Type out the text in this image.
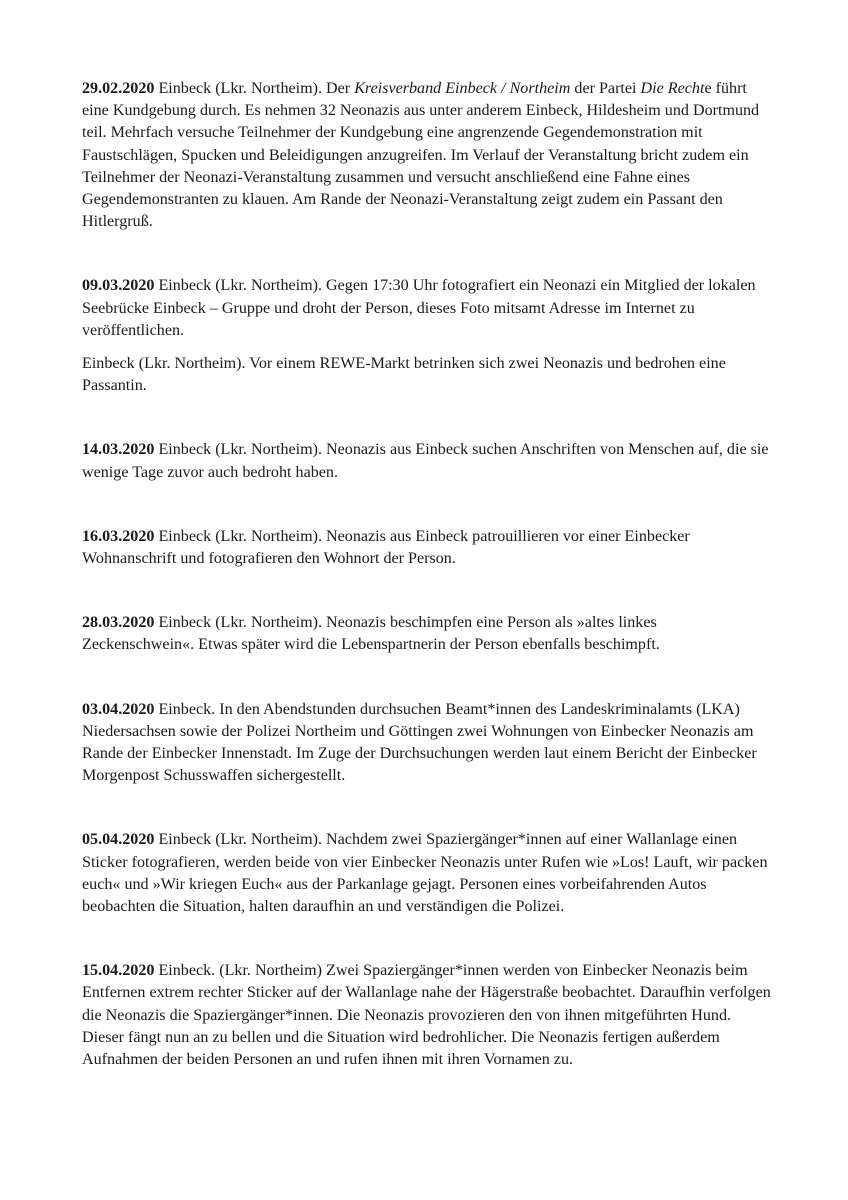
29.02.2020 Einbeck (Lkr. Northeim). Der Kreisverband Einbeck / Northeim der Partei Die Rechte führt eine Kundgebung durch. Es nehmen 32 Neonazis aus unter anderem Einbeck, Hildesheim und Dortmund teil. Mehrfach versuche Teilnehmer der Kundgebung eine angrenzende Gegendemonstration mit Faustschlägen, Spucken und Beleidigungen anzugreifen. Im Verlauf der Veranstaltung bricht zudem ein Teilnehmer der Neonazi-Veranstaltung zusammen und versucht anschließend eine Fahne eines Gegendemonstranten zu klauen. Am Rande der Neonazi-Veranstaltung zeigt zudem ein Passant den Hitlergruß.

09.03.2020 Einbeck (Lkr. Northeim). Gegen 17:30 Uhr fotografiert ein Neonazi ein Mitglied der lokalen Seebrücke Einbeck – Gruppe und droht der Person, dieses Foto mitsamt Adresse im Internet zu veröffentlichen.

Einbeck (Lkr. Northeim). Vor einem REWE-Markt betrinken sich zwei Neonazis und bedrohen eine Passantin.

14.03.2020 Einbeck (Lkr. Northeim). Neonazis aus Einbeck suchen Anschriften von Menschen auf, die sie wenige Tage zuvor auch bedroht haben.

16.03.2020 Einbeck (Lkr. Northeim). Neonazis aus Einbeck patrouillieren vor einer Einbecker Wohnanschrift und fotografieren den Wohnort der Person.

28.03.2020 Einbeck (Lkr. Northeim). Neonazis beschimpfen eine Person als »altes linkes Zeckenschwein«. Etwas später wird die Lebenspartnerin der Person ebenfalls beschimpft.

03.04.2020 Einbeck. In den Abendstunden durchsuchen Beamt*innen des Landeskriminalamts (LKA) Niedersachsen sowie der Polizei Northeim und Göttingen zwei Wohnungen von Einbecker Neonazis am Rande der Einbecker Innenstadt. Im Zuge der Durchsuchungen werden laut einem Bericht der Einbecker Morgenpost Schusswaffen sichergestellt.

05.04.2020 Einbeck (Lkr. Northeim). Nachdem zwei Spaziergänger*innen auf einer Wallanlage einen Sticker fotografieren, werden beide von vier Einbecker Neonazis unter Rufen wie »Los! Lauft, wir packen euch« und »Wir kriegen Euch« aus der Parkanlage gejagt. Personen eines vorbeifahrenden Autos beobachten die Situation, halten daraufhin an und verständigen die Polizei.

15.04.2020 Einbeck. (Lkr. Northeim) Zwei Spaziergänger*innen werden von Einbecker Neonazis beim Entfernen extrem rechter Sticker auf der Wallanlage nahe der Hägerstraße beobachtet. Daraufhin verfolgen die Neonazis die Spaziergänger*innen. Die Neonazis provozieren den von ihnen mitgeführten Hund. Dieser fängt nun an zu bellen und die Situation wird bedrohlicher. Die Neonazis fertigen außerdem Aufnahmen der beiden Personen an und rufen ihnen mit ihren Vornamen zu.
